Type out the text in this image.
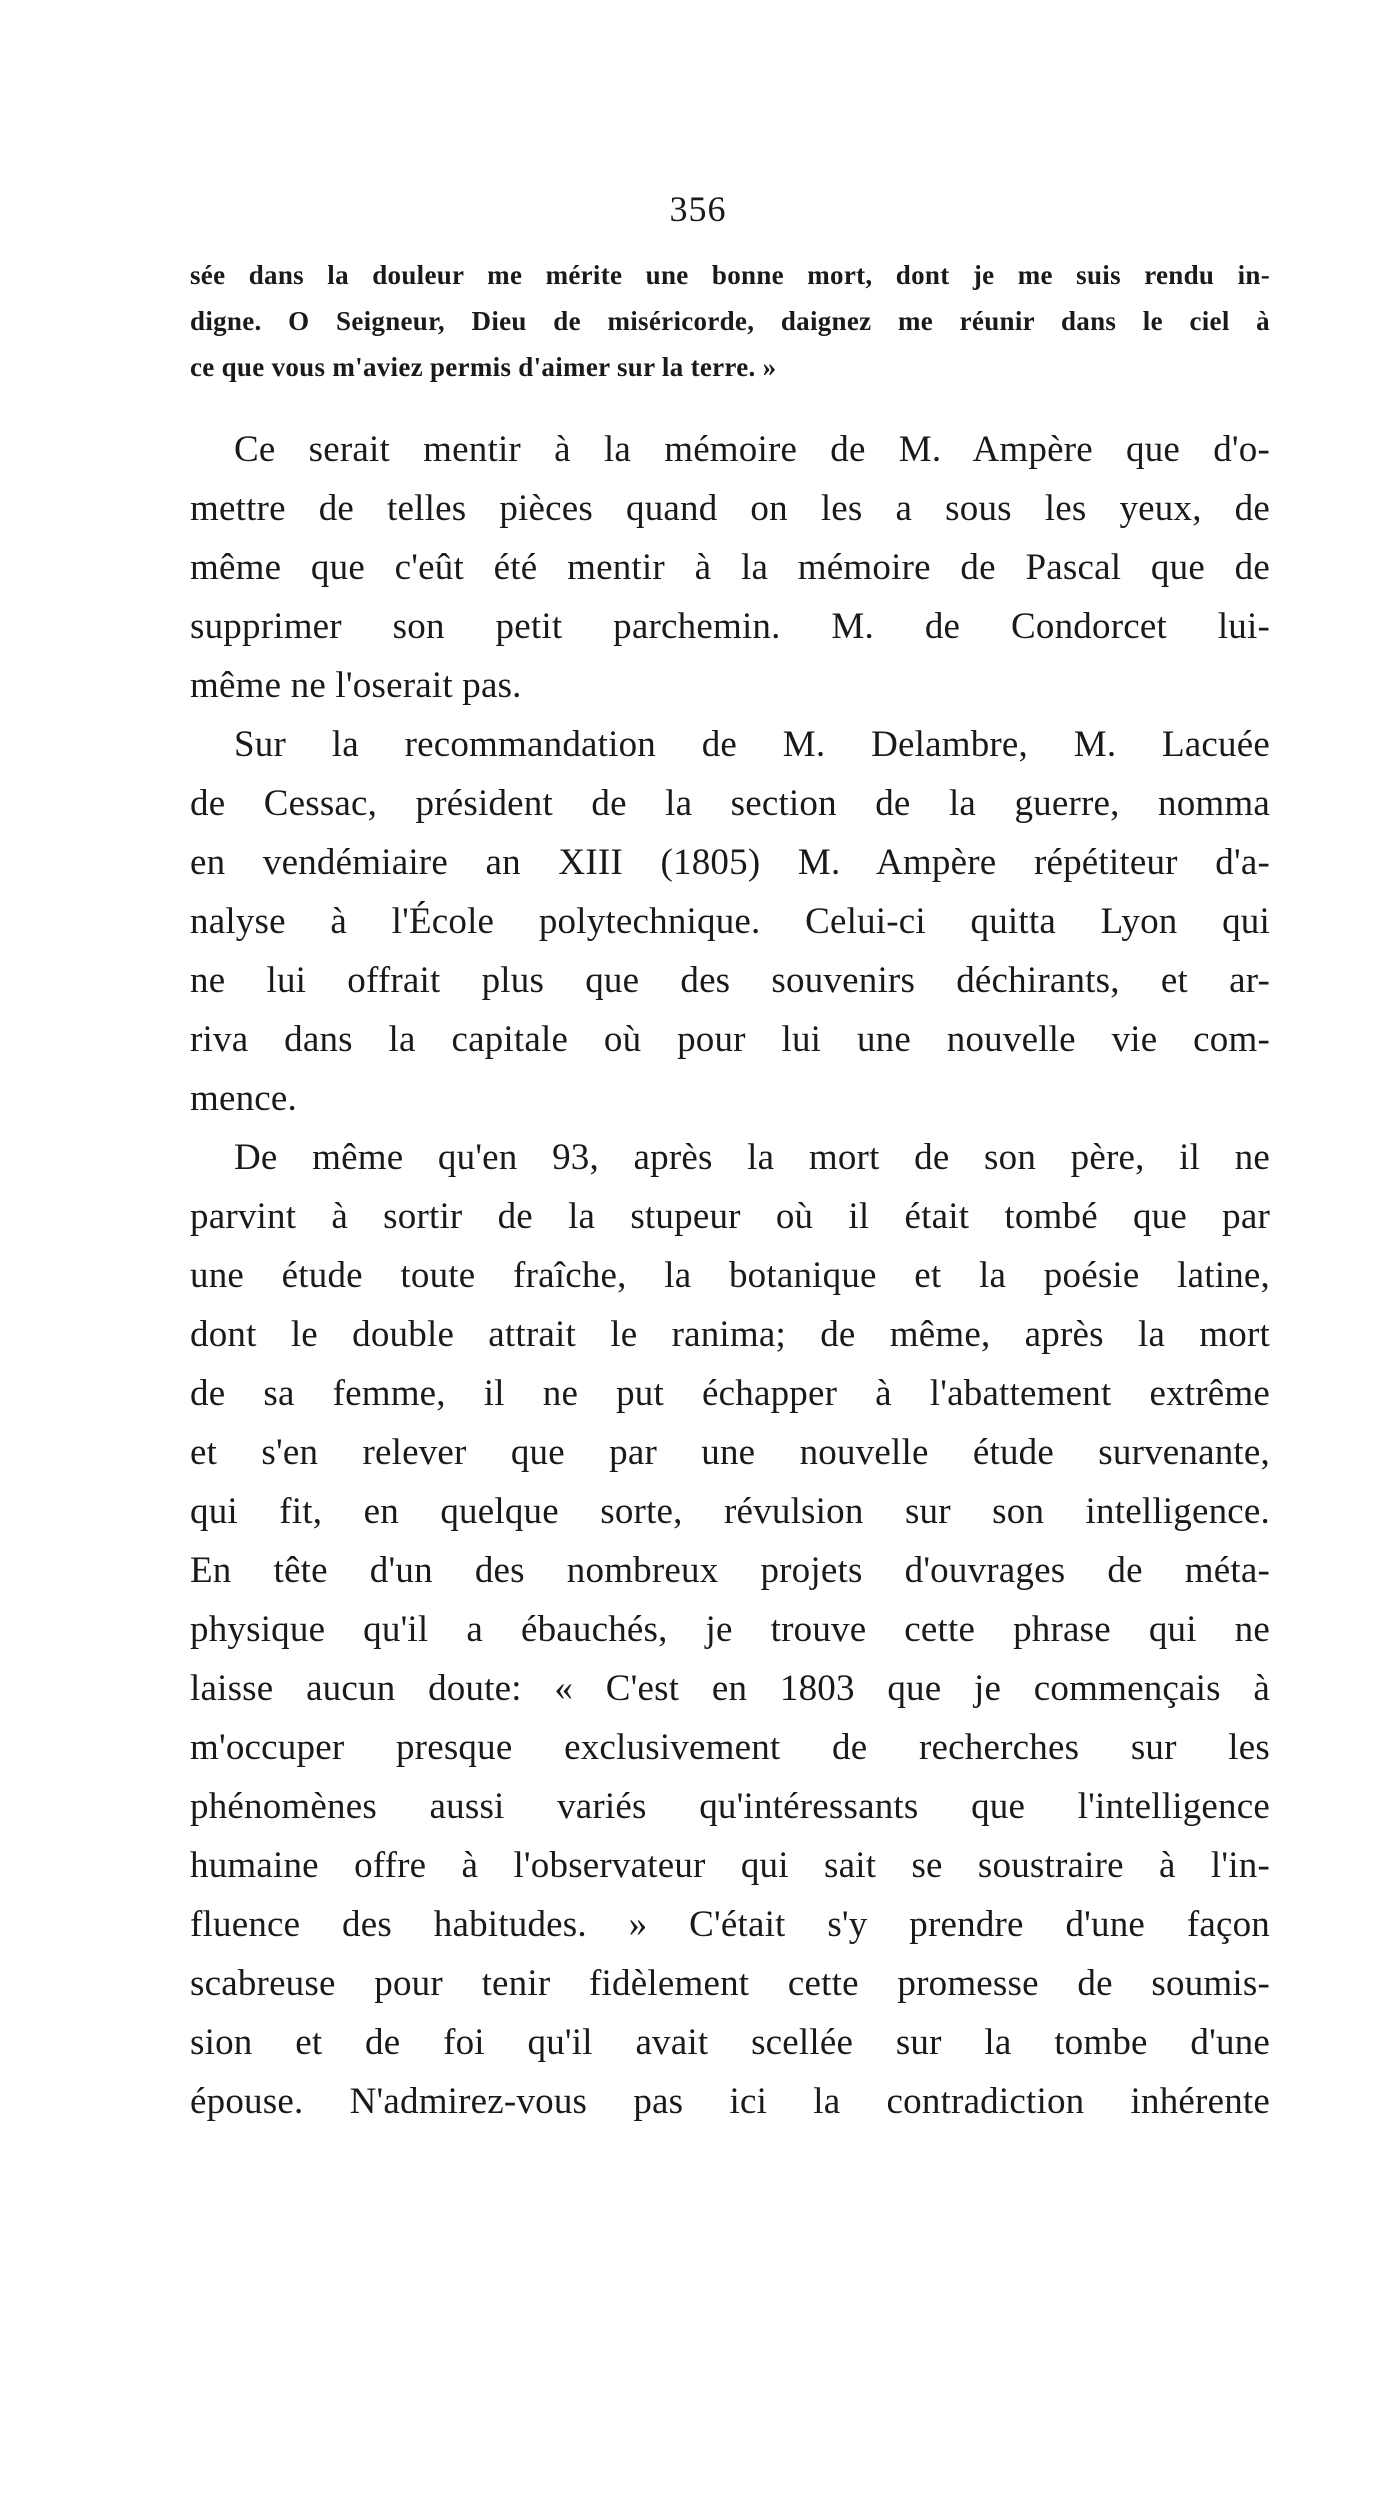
356
sée dans la douleur me mérite une bonne mort, dont je me suis rendu in-
digne. O Seigneur, Dieu de miséricorde, daignez me réunir dans le ciel à
ce que vous m'aviez permis d'aimer sur la terre. »
Ce serait mentir à la mémoire de M. Ampère que d'o-
mettre de telles pièces quand on les a sous les yeux, de
même que c'eût été mentir à la mémoire de Pascal que de
supprimer son petit parchemin. M. de Condorcet lui-
même ne l'oserait pas.
Sur la recommandation de M. Delambre, M. Lacuée
de Cessac, président de la section de la guerre, nomma
en vendémiaire an XIII (1805) M. Ampère répétiteur d'a-
nalyse à l'École polytechnique. Celui-ci quitta Lyon qui
ne lui offrait plus que des souvenirs déchirants, et ar-
riva dans la capitale où pour lui une nouvelle vie com-
mence.
De même qu'en 93, après la mort de son père, il ne
parvint à sortir de la stupeur où il était tombé que par
une étude toute fraîche, la botanique et la poésie latine,
dont le double attrait le ranima; de même, après la mort
de sa femme, il ne put échapper à l'abattement extrême
et s'en relever que par une nouvelle étude survenante,
qui fit, en quelque sorte, révulsion sur son intelligence.
En tête d'un des nombreux projets d'ouvrages de méta-
physique qu'il a ébauchés, je trouve cette phrase qui ne
laisse aucun doute: « C'est en 1803 que je commençais à
m'occuper presque exclusivement de recherches sur les
phénomènes aussi variés qu'intéressants que l'intelligence
humaine offre à l'observateur qui sait se soustraire à l'in-
fluence des habitudes. » C'était s'y prendre d'une façon
scabreuse pour tenir fidèlement cette promesse de soumis-
sion et de foi qu'il avait scellée sur la tombe d'une
épouse. N'admirez-vous pas ici la contradiction inhérente
